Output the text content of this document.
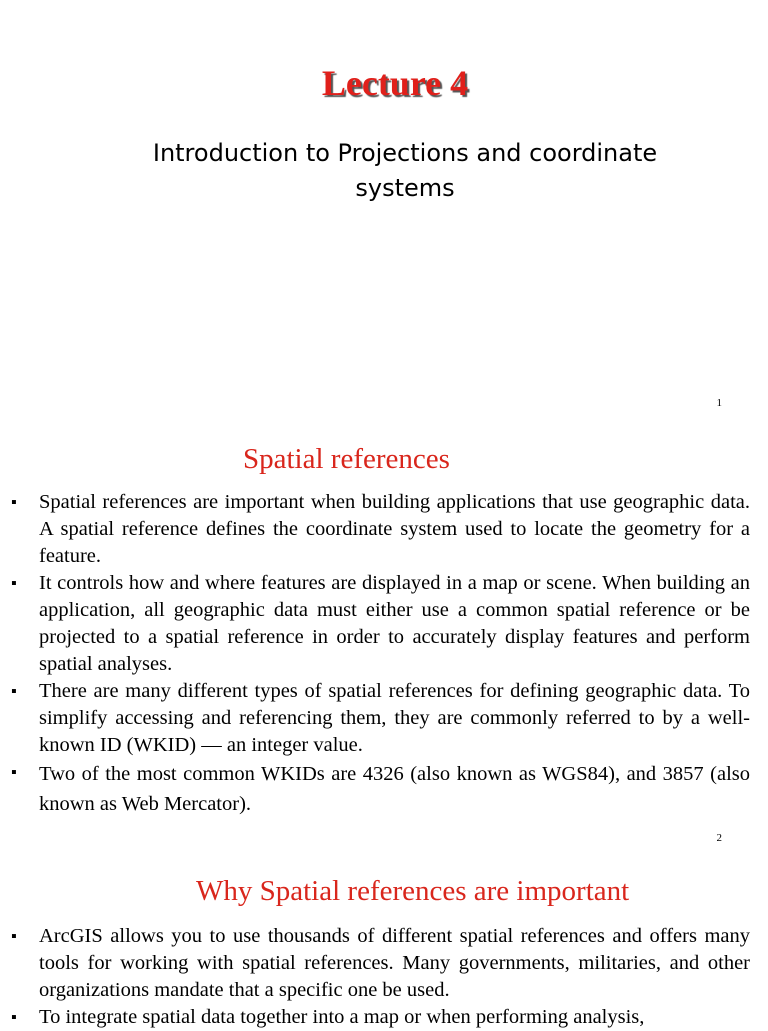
Lecture 4
Introduction to Projections and coordinate systems
1
Spatial references
▪ Spatial references are important when building applications that use geographic data. A spatial reference defines the coordinate system used to locate the geometry for a feature.
▪ It controls how and where features are displayed in a map or scene. When building an application, all geographic data must either use a common spatial reference or be projected to a spatial reference in order to accurately display features and perform spatial analyses.
▪ There are many different types of spatial references for defining geographic data. To simplify accessing and referencing them, they are commonly referred to by a well-known ID (WKID) — an integer value.
▪ Two of the most common WKIDs are 4326 (also known as WGS84), and 3857 (also known as Web Mercator).
2
Why Spatial references are important
▪ ArcGIS allows you to use thousands of different spatial references and offers many tools for working with spatial references. Many governments, militaries, and other organizations mandate that a specific one be used.
▪ To integrate spatial data together into a map or when performing analysis,
